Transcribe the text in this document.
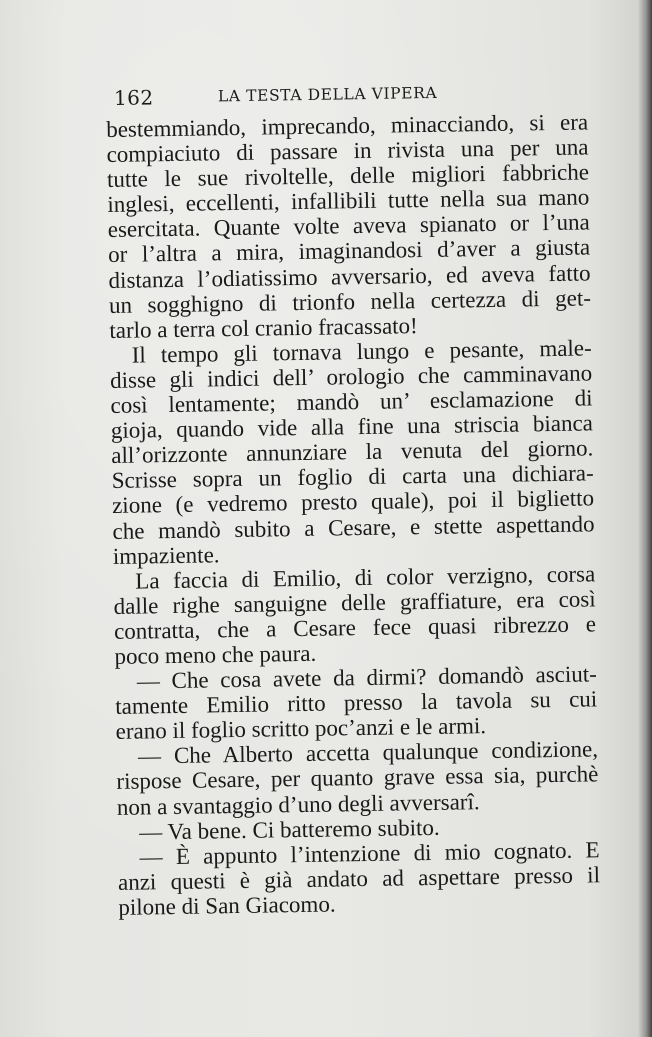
162	LA TESTA DELLA VIPERA
bestemmiando, imprecando, minacciando, si era
compiaciuto di passare in rivista una per una
tutte le sue rivoltelle, delle migliori fabbriche
inglesi, eccellenti, infallibili tutte nella sua mano
esercitata. Quante volte aveva spianato or l’una
or l’altra a mira, imaginandosi d’aver a giusta
distanza l’odiatissimo avversario, ed aveva fatto
un sogghigno di trionfo nella certezza di get-
tarlo a terra col cranio fracassato!
Il tempo gli tornava lungo e pesante, male-
disse gli indici dell’ orologio che camminavano
così lentamente; mandò un’ esclamazione di
gioja, quando vide alla fine una striscia bianca
all’orizzonte annunziare la venuta del giorno.
Scrisse sopra un foglio di carta una dichiara-
zione (e vedremo presto quale), poi il biglietto
che mandò subito a Cesare, e stette aspettando
impaziente.
La faccia di Emilio, di color verzigno, corsa
dalle righe sanguigne delle graffiature, era così
contratta, che a Cesare fece quasi ribrezzo e
poco meno che paura.
— Che cosa avete da dirmi? domandò asciut-
tamente Emilio ritto presso la tavola su cui
erano il foglio scritto poc’anzi e le armi.
— Che Alberto accetta qualunque condizione,
rispose Cesare, per quanto grave essa sia, purchè
non a svantaggio d’uno degli avversarî.
— Va bene. Ci batteremo subito.
— È appunto l’intenzione di mio cognato. E
anzi questi è già andato ad aspettare presso il
pilone di San Giacomo.
